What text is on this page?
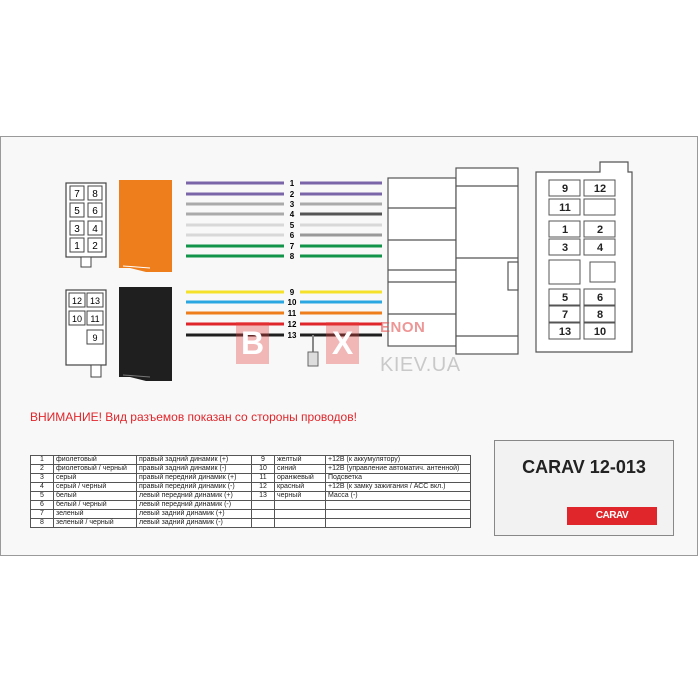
7 8
5 6
3 4
1 2
12 13
10 11
9
1
2
3
4
5
6
7
8
9
10
11
12
13
9 12
11
1	2
3	4
5	6
7	8
13 10
B X	ENON
KIEV.UA
ВНИМАНИЕ! Вид разъемов показан со стороны проводов!
1	фиолетовый	правый задний динамик (+)	9	желтый	+12В (к аккумулятору)
2	фиолетовый / черный	правый задний динамик (-)	10	синий	+12В (управление автоматич. антенной)
3	серый	правый передний динамик (+)	11	оранжевый	Подсветка
4	серый / черный	правый передний динамик (-)	12	красный	+12В (к замку зажигания / АСС вкл.)
5	белый	левый передний динамик (+)	13	черный	Масса (-)
6	белый / черный	левый передний динамик (-)			
7	зеленый	левый задний динамик (+)			
8	зеленый / черный	левый задний динамик (-)			
CARAV 12-013
CARAV
